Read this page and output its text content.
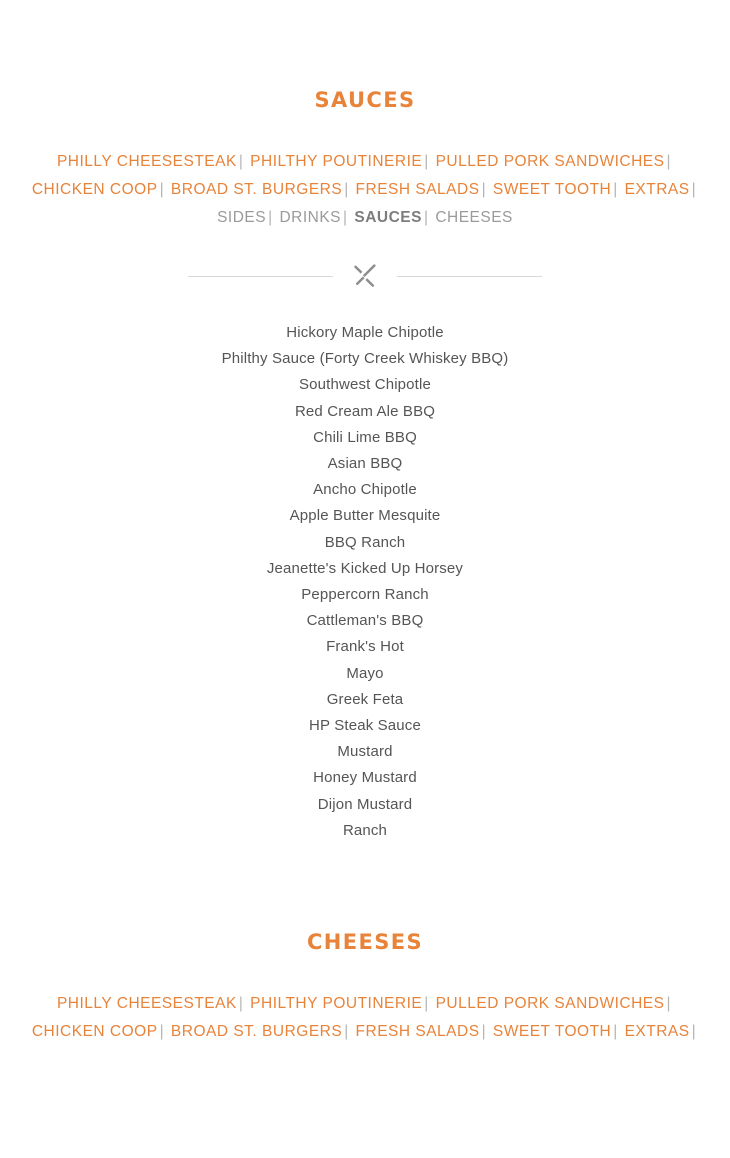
SAUCES
PHILLY CHEESESTEAK | PHILTHY POUTINERIE | PULLED PORK SANDWICHES | CHICKEN COOP | BROAD ST. BURGERS | FRESH SALADS | SWEET TOOTH | EXTRAS | SIDES | DRINKS | SAUCES | CHEESES
Hickory Maple Chipotle
Philthy Sauce (Forty Creek Whiskey BBQ)
Southwest Chipotle
Red Cream Ale BBQ
Chili Lime BBQ
Asian BBQ
Ancho Chipotle
Apple Butter Mesquite
BBQ Ranch
Jeanette's Kicked Up Horsey
Peppercorn Ranch
Cattleman's BBQ
Frank's Hot
Mayo
Greek Feta
HP Steak Sauce
Mustard
Honey Mustard
Dijon Mustard
Ranch
CHEESES
PHILLY CHEESESTEAK | PHILTHY POUTINERIE | PULLED PORK SANDWICHES | CHICKEN COOP | BROAD ST. BURGERS | FRESH SALADS | SWEET TOOTH | EXTRAS |
